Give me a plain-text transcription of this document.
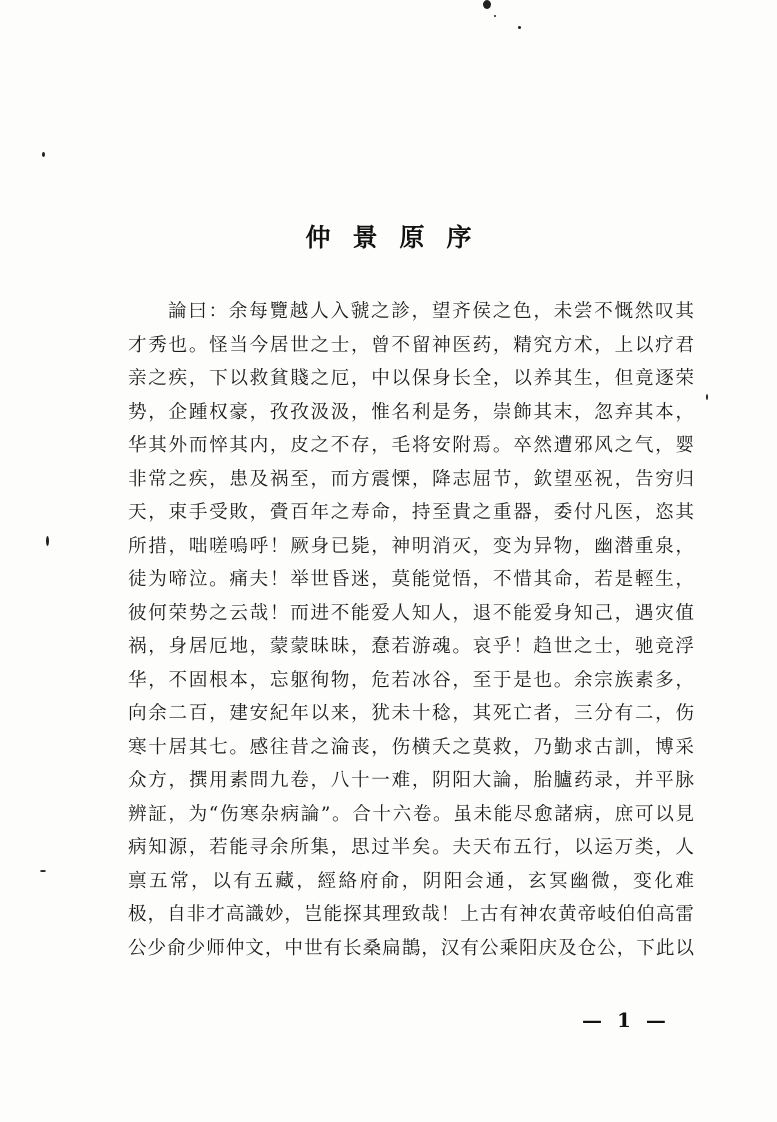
仲景原序
論曰：余每覽越人入虢之診，望齐侯之色，未尝不慨然叹其
才秀也。怪当今居世之士，曾不留神医药，精究方术，上以疗君
亲之疾，下以救貧賤之厄，中以保身长全，以养其生，但竟逐荣
势，企踵权豪，孜孜汲汲，惟名利是务，崇飾其末，忽弃其本，
华其外而悴其内，皮之不存，毛将安附焉。卒然遭邪风之气，婴
非常之疾，患及祸至，而方震慄，降志屈节，欽望巫祝，告穷归
天，束手受敗，賫百年之寿命，持至貴之重器，委付凡医，恣其
所措，咄嗟嗚呼！厥身已毙，神明消灭，变为异物，幽潜重泉，
徒为啼泣。痛夫！举世昏迷，莫能觉悟，不惜其命，若是輕生，
彼何荣势之云哉！而进不能爱人知人，退不能爱身知己，遇灾值
祸，身居厄地，蒙蒙昧昧，惷若游魂。哀乎！趋世之士，驰竞浮
华，不固根本，忘躯徇物，危若冰谷，至于是也。余宗族素多，
向余二百，建安紀年以来，犹未十稔，其死亡者，三分有二，伤
寒十居其七。感往昔之淪丧，伤横夭之莫救，乃勤求古訓，博采
众方，撰用素問九卷，八十一难，阴阳大論，胎臚药录，并平脉
辨証，为“伤寒杂病論”。合十六卷。虽未能尽愈諸病，庶可以見
病知源，若能寻余所集，思过半矣。夫天布五行，以运万类，人
禀五常，以有五藏，經絡府俞，阴阳会通，玄冥幽微，变化难
极，自非才高識妙，岂能探其理致哉！上古有神农黄帝岐伯伯高雷
公少俞少师仲文，中世有长桑扁鵲，汉有公乘阳庆及仓公，下此以
— 1 —
